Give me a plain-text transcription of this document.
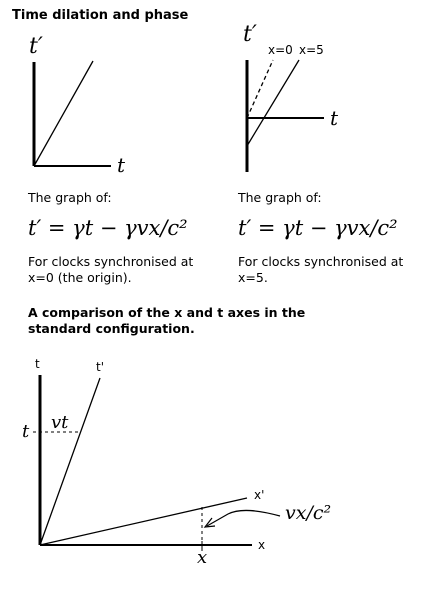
Time dilation and phase
t′
t
The graph of:
t′ = γt − γvx/c²
For clocks synchronised at
x=0 (the origin).
t′
t
x=0 x=5
The graph of:
t′ = γt − γvx/c²
For clocks synchronised at
x=5.
A comparison of the x and t axes in the
standard configuration.
t	t'
t vt
x'
x
x
vx/c²
